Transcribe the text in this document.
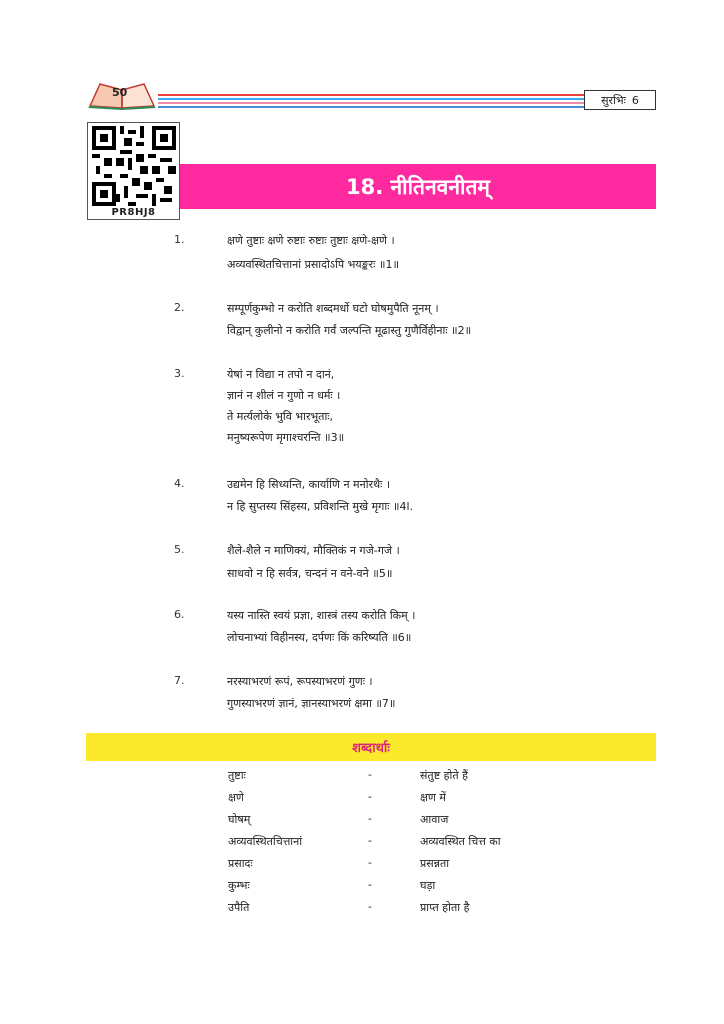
50
सुरभिः 6
PR8HJ8
18. नीतिनवनीतम्
1.	क्षणे तुष्टाः क्षणे रुष्टाः रुष्टाः तुष्टाः क्षणे-क्षणे ।
अव्यवस्थितचित्तानां प्रसादोऽपि भयङ्करः ॥1॥
2.	सम्पूर्णकुम्भो न करोति शब्दमर्धो घटो घोषमुपैति नूनम् ।
विद्वान् कुलीनो न करोति गर्वं जल्पन्ति मूढास्तु गुणैर्विहीनाः ॥2॥
3.	येषां न विद्या न तपो न दानं,
ज्ञानं न शीलं न गुणो न धर्मः ।
ते मर्त्यलोके भुवि भारभूताः,
मनुष्यरूपेण मृगाश्चरन्ति ॥3॥
4.	उद्यमेन हि सिध्यन्ति, कार्याणि न मनोरथैः ।
न हि सुप्तस्य सिंहस्य, प्रविशन्ति मुखे मृगाः ॥4l.
5.	शैले-शैले न माणिक्यं, मौक्तिकं न गजे-गजे ।
साधवो न हि सर्वत्र, चन्दनं न वने-वने ॥5॥
6.	यस्य नास्ति स्वयं प्रज्ञा, शास्त्रं तस्य करोति किम् ।
लोचनाभ्यां विहीनस्य, दर्पणः किं करिष्यति ॥6॥
7.	नरस्याभरणं रूपं, रूपस्याभरणं गुणः ।
गुणस्याभरणं ज्ञानं, ज्ञानस्याभरणं क्षमा ॥7॥
शब्दार्थाः
तुष्टाः	-	संतुष्ट होते हैं
क्षणे	-	क्षण में
घोषम्	-	आवाज
अव्यवस्थितचित्तानां	-	अव्यवस्थित चित्त का
प्रसादः	-	प्रसन्नता
कुम्भः	-	घड़ा
उपैति	-	प्राप्त होता है
